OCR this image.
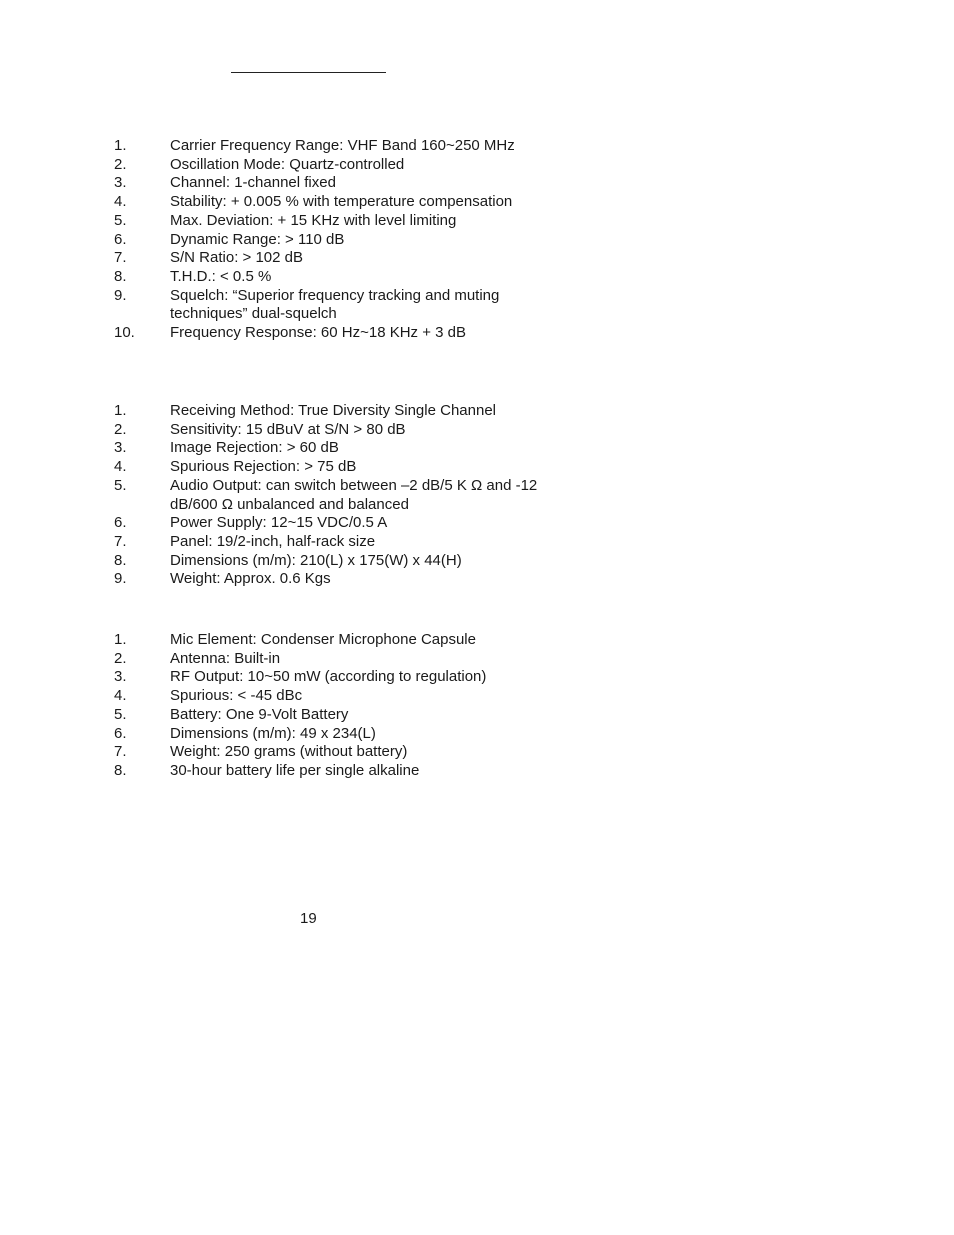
1.	Carrier Frequency Range: VHF Band 160~250 MHz
2.	Oscillation Mode: Quartz-controlled
3.	Channel: 1-channel fixed
4.	Stability: + 0.005 % with temperature compensation
5.	Max. Deviation: + 15 KHz with level limiting
6.	Dynamic Range: > 110 dB
7.	S/N Ratio: > 102 dB
8.	T.H.D.: < 0.5 %
9.	Squelch: “Superior frequency tracking and muting techniques” dual-squelch
10.	Frequency Response: 60 Hz~18 KHz + 3 dB
1.	Receiving Method: True Diversity Single Channel
2.	Sensitivity: 15 dBuV at S/N > 80 dB
3.	Image Rejection: > 60 dB
4.	Spurious Rejection: > 75 dB
5.	Audio Output: can switch between –2 dB/5 K Ω and -12 dB/600 Ω unbalanced and balanced
6.	Power Supply: 12~15 VDC/0.5 A
7.	Panel: 19/2-inch, half-rack size
8.	Dimensions (m/m): 210(L) x 175(W) x 44(H)
9.	Weight: Approx. 0.6 Kgs
1.	Mic Element: Condenser Microphone Capsule
2.	Antenna: Built-in
3.	RF Output: 10~50 mW (according to regulation)
4.	Spurious: < -45 dBc
5.	Battery: One 9-Volt Battery
6.	Dimensions (m/m): 49 x 234(L)
7.	Weight: 250 grams (without battery)
8.	30-hour battery life per single alkaline
19
